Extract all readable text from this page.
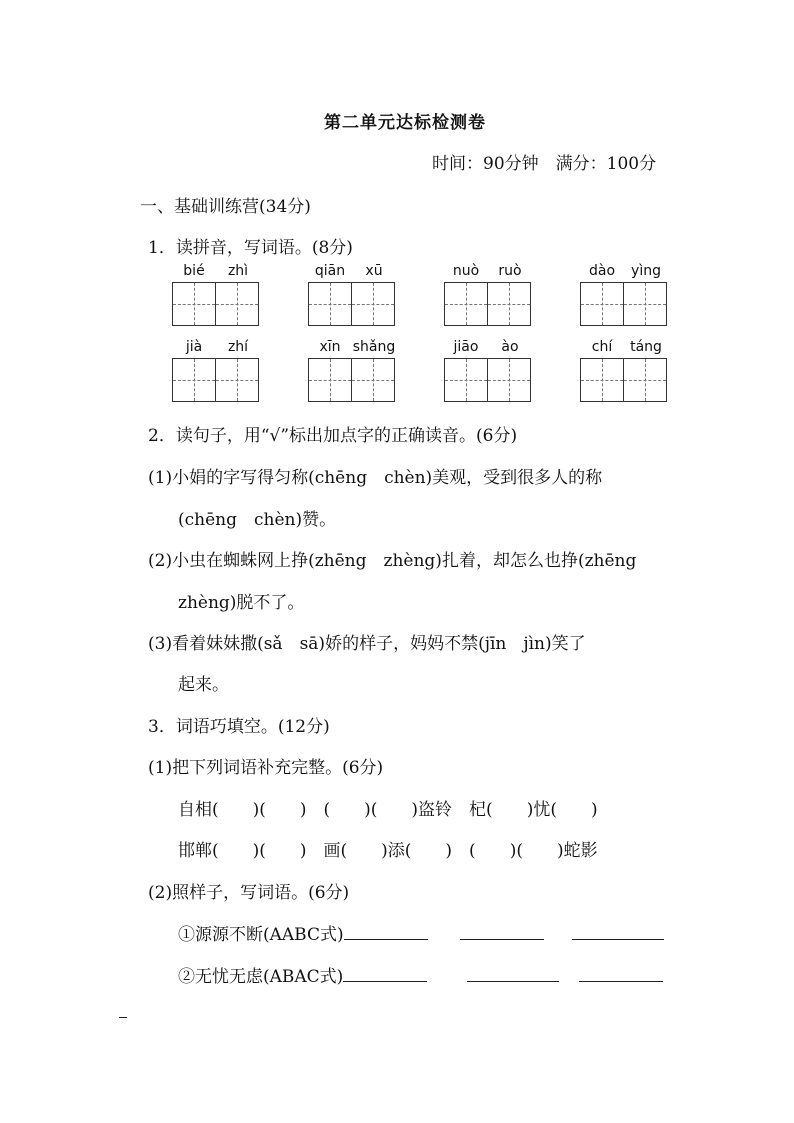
第二单元达标检测卷
时间：90分钟　满分：100分
一、基础训练营(34分)
1．读拼音，写词语。(8分)
bié	zhì	qiān	xū	nuò	ruò	dào	yìng
jià	zhí	xīn shǎng	jiāo	ào	chí	táng
2．读句子，用“√”标出加点字的正确读音。(6分)
(1)小娟的字写得匀称(chēng　chèn)美观，受到很多人的称
(chēng　chèn)赞。
(2)小虫在蜘蛛网上挣(zhēng　zhèng)扎着，却怎么也挣(zhēng
zhèng)脱不了。
(3)看着妹妹撒(sǎ　sā)娇的样子，妈妈不禁(jīn　jìn)笑了
起来。
3．词语巧填空。(12分)
(1)把下列词语补充完整。(6分)
自相(　　)(　　)　(　　)(　　)盗铃　杞(　　)忧(　　)
邯郸(　　)(　　)　画(　　)添(　　)　(　　)(　　)蛇影
(2)照样子，写词语。(6分)
①源源不断(AABC式)
②无忧无虑(ABAC式)
